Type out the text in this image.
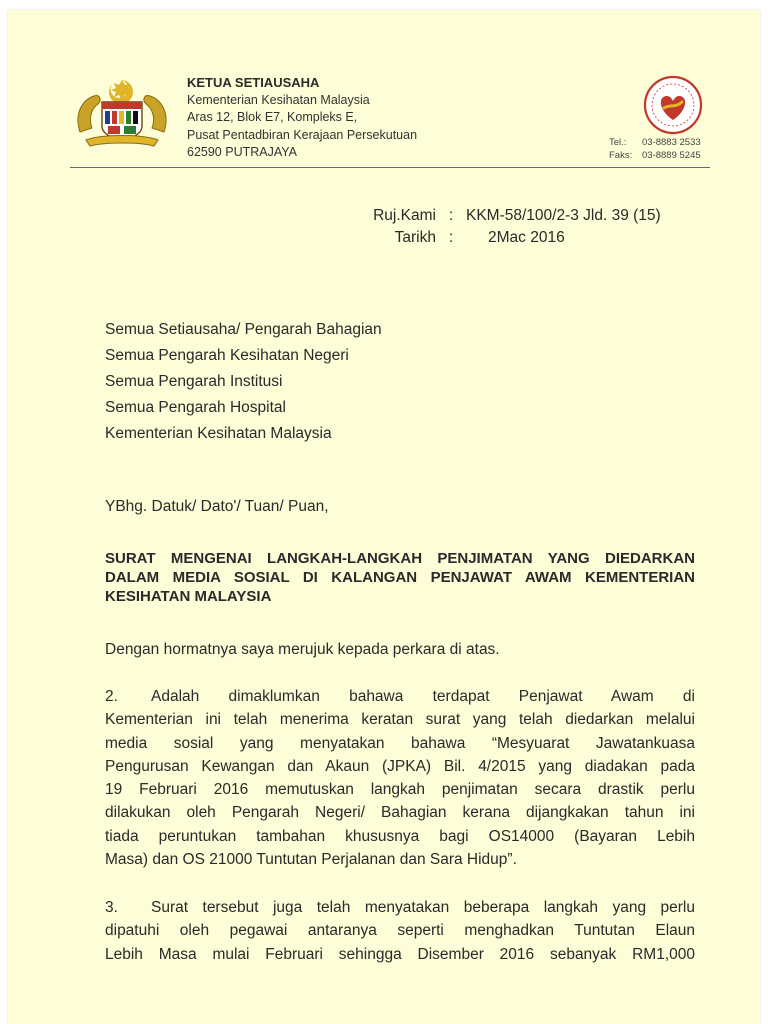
KETUA SETIAUSAHA
Kementerian Kesihatan Malaysia
Aras 12, Blok E7, Kompleks E,
Pusat Pentadbiran Kerajaan Persekutuan
62590 PUTRAJAYA
Tel.:	03-8883 2533
Faks:	03-8889 5245
Ruj.Kami : KKM-58/100/2-3 Jld. 39 (15)
Tarikh :	2Mac 2016
Semua Setiausaha/ Pengarah Bahagian
Semua Pengarah Kesihatan Negeri
Semua Pengarah Institusi
Semua Pengarah Hospital
Kementerian Kesihatan Malaysia
YBhg. Datuk/ Dato'/ Tuan/ Puan,
SURAT MENGENAI LANGKAH-LANGKAH PENJIMATAN YANG DIEDARKAN DALAM MEDIA SOSIAL DI KALANGAN PENJAWAT AWAM KEMENTERIAN KESIHATAN MALAYSIA
Dengan hormatnya saya merujuk kepada perkara di atas.
2. Adalah dimaklumkan bahawa terdapat Penjawat Awam di
Kementerian ini telah menerima keratan surat yang telah diedarkan melalui
media sosial yang menyatakan bahawa “Mesyuarat Jawatankuasa
Pengurusan Kewangan dan Akaun (JPKA) Bil. 4/2015 yang diadakan pada
19 Februari 2016 memutuskan langkah penjimatan secara drastik perlu
dilakukan oleh Pengarah Negeri/ Bahagian kerana dijangkakan tahun ini
tiada peruntukan tambahan khususnya bagi OS14000 (Bayaran Lebih
Masa) dan OS 21000 Tuntutan Perjalanan dan Sara Hidup”.
3. Surat tersebut juga telah menyatakan beberapa langkah yang perlu
dipatuhi oleh pegawai antaranya seperti menghadkan Tuntutan Elaun
Lebih Masa mulai Februari sehingga Disember 2016 sebanyak RM1,000
